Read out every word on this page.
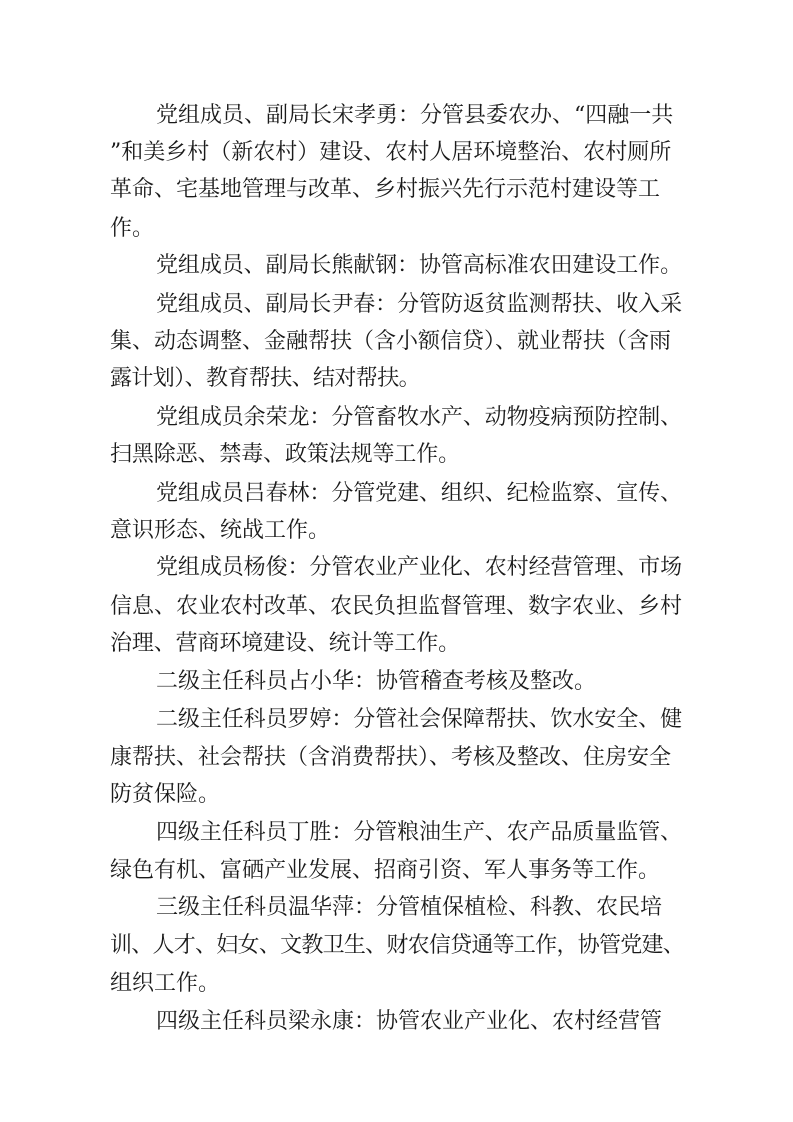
党组成员、副局长宋孝勇：分管县委农办、“四融一共

”和美乡村（新农村）建设、农村人居环境整治、农村厕所

革命、宅基地管理与改革、乡村振兴先行示范村建设等工

作。

党组成员、副局长熊献钢：协管高标准农田建设工作。

党组成员、副局长尹春：分管防返贫监测帮扶、收入采

集、动态调整、金融帮扶（含小额信贷）、就业帮扶（含雨

露计划）、教育帮扶、结对帮扶。

党组成员余荣龙：分管畜牧水产、动物疫病预防控制、

扫黑除恶、禁毒、政策法规等工作。

党组成员吕春林：分管党建、组织、纪检监察、宣传、

意识形态、统战工作。

党组成员杨俊：分管农业产业化、农村经营管理、市场

信息、农业农村改革、农民负担监督管理、数字农业、乡村

治理、营商环境建设、统计等工作。

二级主任科员占小华：协管稽查考核及整改。

二级主任科员罗婷：分管社会保障帮扶、饮水安全、健

康帮扶、社会帮扶（含消费帮扶）、考核及整改、住房安全

防贫保险。

四级主任科员丁胜：分管粮油生产、农产品质量监管、

绿色有机、富硒产业发展、招商引资、军人事务等工作。

三级主任科员温华萍：分管植保植检、科教、农民培

训、人才、妇女、文教卫生、财农信贷通等工作，协管党建、

组织工作。

四级主任科员梁永康：协管农业产业化、农村经营管
